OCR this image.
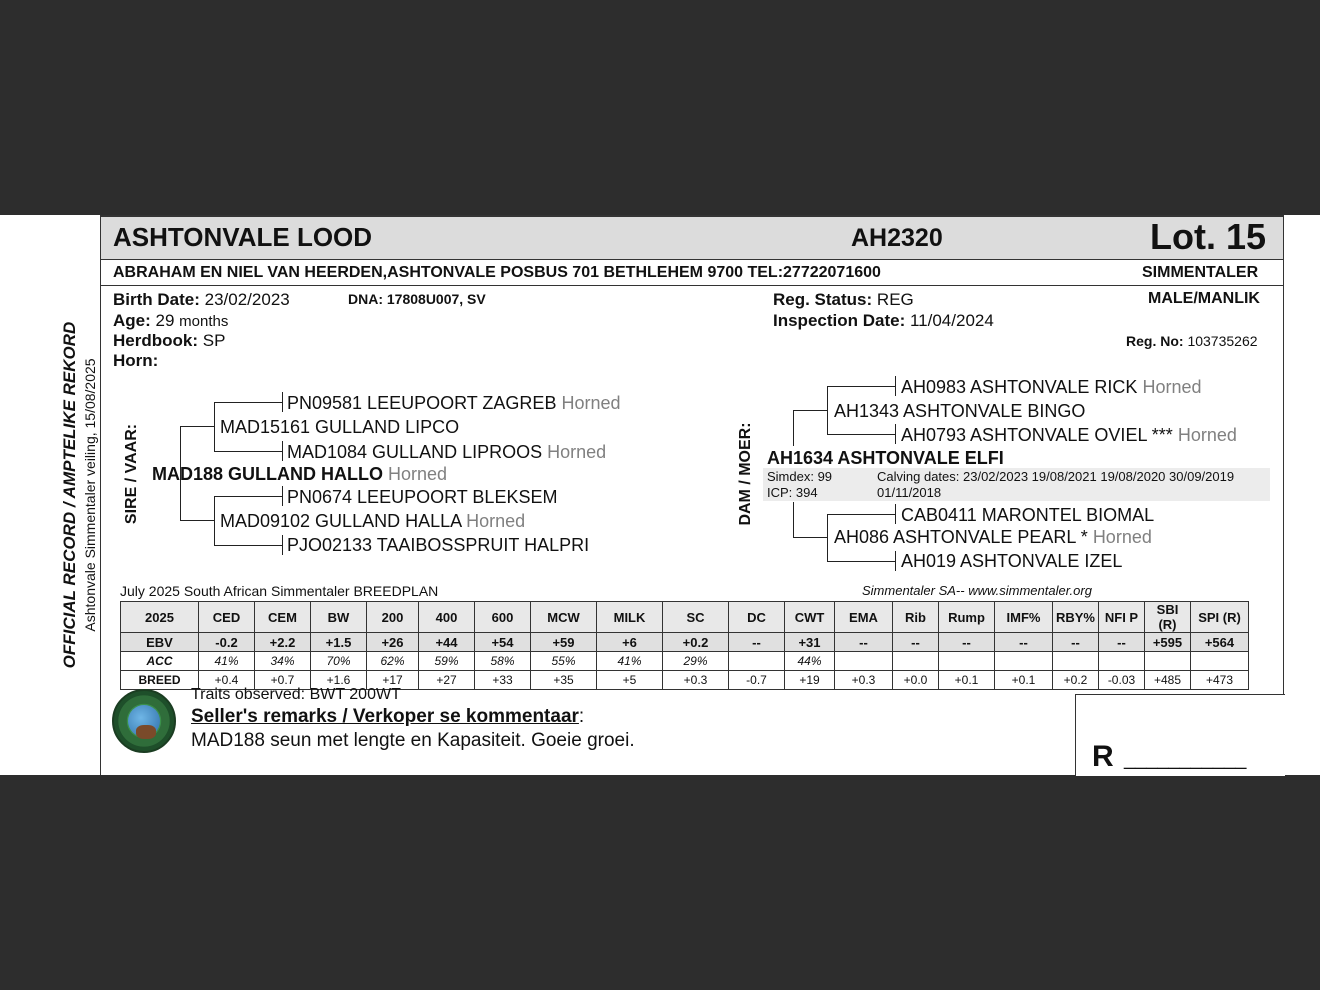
OFFICIAL RECORD / AMPTELIKE REKORD Ashtonvale Simmentaler veiling, 15/08/2025
ASHTONVALE LOOD	AH2320	Lot. 15
ABRAHAM EN NIEL VAN HEERDEN,ASHTONVALE POSBUS 701 BETHLEHEM 9700 TEL:27722071600	SIMMENTALER
Birth Date: 23/02/2023	DNA: 17808U007, SV
Age: 29 months
Herdbook: SP
Horn:
Reg. Status: REG
Inspection Date: 11/04/2024
MALE/MANLIK
Reg. No: 103735262
SIRE / VAAR:
PN09581 LEEUPOORT ZAGREB Horned
MAD15161 GULLAND LIPCO
MAD1084 GULLAND LIPROOS Horned
MAD188 GULLAND HALLO Horned
PN0674 LEEUPOORT BLEKSEM
MAD09102 GULLAND HALLA Horned
PJO02133 TAAIBOSSPRUIT HALPRI
DAM / MOER:
AH0983 ASHTONVALE RICK Horned
AH1343 ASHTONVALE BINGO
AH0793 ASHTONVALE OVIEL *** Horned
AH1634 ASHTONVALE ELFI
Simdex: 99
ICP: 394
Calving dates: 23/02/2023 19/08/2021 19/08/2020 30/09/2019
01/11/2018
CAB0411 MARONTEL BIOMAL
AH086 ASHTONVALE PEARL * Horned
AH019 ASHTONVALE IZEL
July 2025 South African Simmentaler BREEDPLAN	Simmentaler SA-- www.simmentaler.org
2025	CED	CEM	BW	200	400	600	MCW	MILK	SC	DC	CWT	EMA	Rib	Rump	IMF%	RBY%	NFI P	SBI (R)	SPI (R)
EBV	-0.2	+2.2	+1.5	+26	+44	+54	+59	+6	+0.2	--	+31	--	--	--	--	--	--	+595	+564
ACC	41%	34%	70%	62%	59%	58%	55%	41%	29%		44%								
BREED	+0.4	+0.7	+1.6	+17	+27	+33	+35	+5	+0.3	-0.7	+19	+0.3	+0.0	+0.1	+0.1	+0.2	-0.03	+485	+473
Traits observed: BWT 200WT
Seller's remarks / Verkoper se kommentaar:
MAD188 seun met lengte en Kapasiteit. Goeie groei.	R ___________
